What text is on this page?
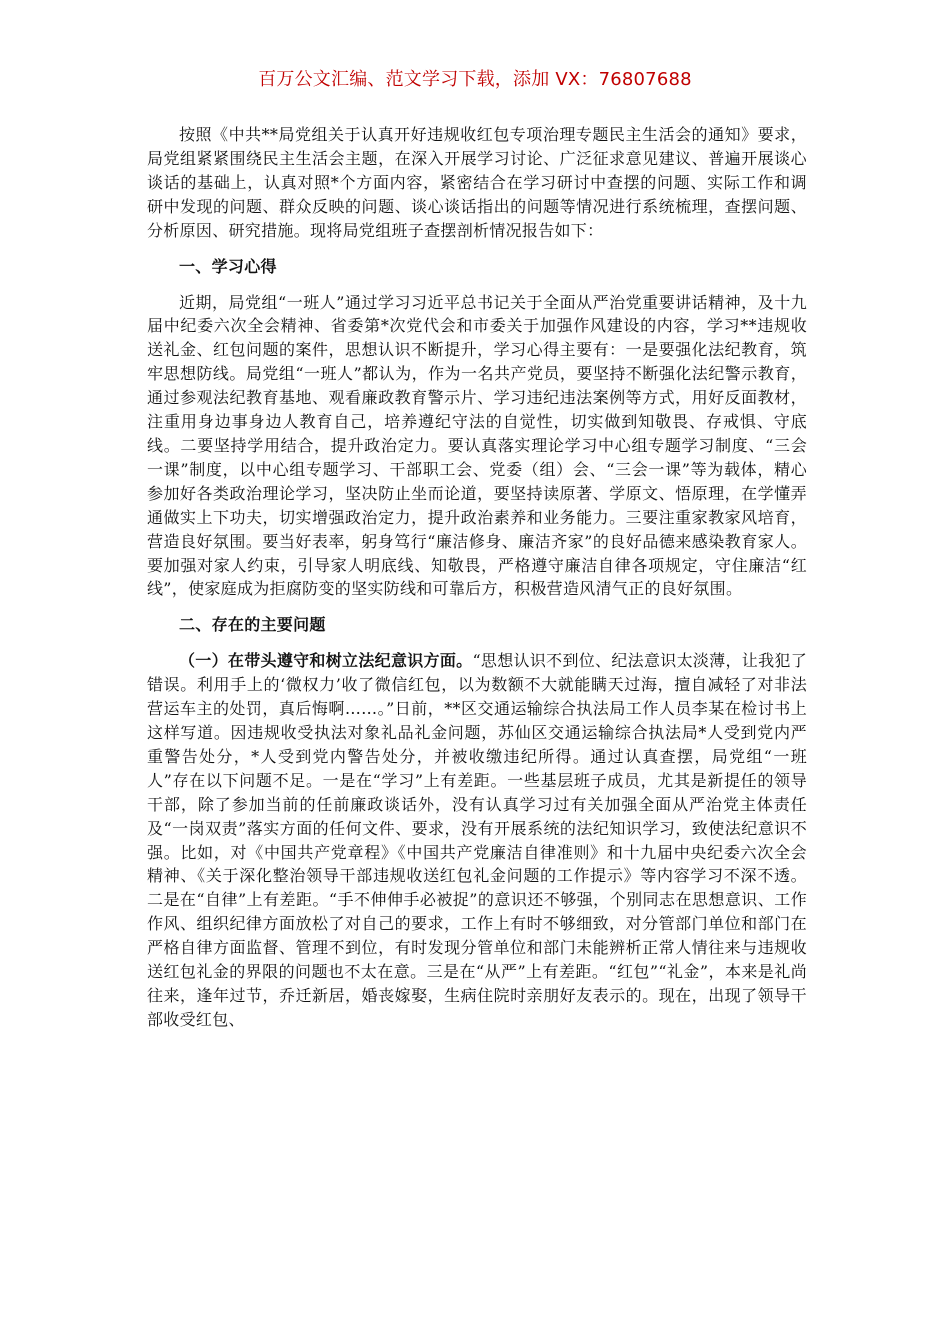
百万公文汇编、范文学习下载，添加 VX：76807688

按照《中共**局党组关于认真开好违规收红包专项治理专题民主生活会的通知》要求，局党组紧紧围绕民主生活会主题，在深入开展学习讨论、广泛征求意见建议、普遍开展谈心谈话的基础上，认真对照*个方面内容，紧密结合在学习研讨中查摆的问题、实际工作和调研中发现的问题、群众反映的问题、谈心谈话指出的问题等情况进行系统梳理，查摆问题、分析原因、研究措施。现将局党组班子查摆剖析情况报告如下：

一、学习心得

近期，局党组“一班人”通过学习习近平总书记关于全面从严治党重要讲话精神，及十九届中纪委六次全会精神、省委第*次党代会和市委关于加强作风建设的内容，学习**违规收送礼金、红包问题的案件，思想认识不断提升，学习心得主要有：一是要强化法纪教育，筑牢思想防线。局党组“一班人”都认为，作为一名共产党员，要坚持不断强化法纪警示教育，通过参观法纪教育基地、观看廉政教育警示片、学习违纪违法案例等方式，用好反面教材，注重用身边事身边人教育自己，培养遵纪守法的自觉性，切实做到知敬畏、存戒惧、守底线。二要坚持学用结合，提升政治定力。要认真落实理论学习中心组专题学习制度、“三会一课”制度，以中心组专题学习、干部职工会、党委（组）会、“三会一课”等为载体，精心参加好各类政治理论学习，坚决防止坐而论道，要坚持读原著、学原文、悟原理，在学懂弄通做实上下功夫，切实增强政治定力，提升政治素养和业务能力。三要注重家教家风培育，营造良好氛围。要当好表率，躬身笃行“廉洁修身、廉洁齐家”的良好品德来感染教育家人。要加强对家人约束，引导家人明底线、知敬畏，严格遵守廉洁自律各项规定，守住廉洁“红线”，使家庭成为拒腐防变的坚实防线和可靠后方，积极营造风清气正的良好氛围。

二、存在的主要问题

（一）在带头遵守和树立法纪意识方面。“思想认识不到位、纪法意识太淡薄，让我犯了错误。利用手上的‘微权力’收了微信红包，以为数额不大就能瞒天过海，擅自减轻了对非法营运车主的处罚，真后悔啊……。”日前，**区交通运输综合执法局工作人员李某在检讨书上这样写道。因违规收受执法对象礼品礼金问题，苏仙区交通运输综合执法局*人受到党内严重警告处分，*人受到党内警告处分，并被收缴违纪所得。通过认真查摆，局党组“一班人”存在以下问题不足。一是在“学习”上有差距。一些基层班子成员，尤其是新提任的领导干部，除了参加当前的任前廉政谈话外，没有认真学习过有关加强全面从严治党主体责任及“一岗双责”落实方面的任何文件、要求，没有开展系统的法纪知识学习，致使法纪意识不强。比如，对《中国共产党章程》《中国共产党廉洁自律准则》和十九届中央纪委六次全会精神、《关于深化整治领导干部违规收送红包礼金问题的工作提示》等内容学习不深不透。二是在“自律”上有差距。“手不伸伸手必被捉”的意识还不够强，个别同志在思想意识、工作作风、组织纪律方面放松了对自己的要求，工作上有时不够细致，对分管部门单位和部门在严格自律方面监督、管理不到位，有时发现分管单位和部门未能辨析正常人情往来与违规收送红包礼金的界限的问题也不太在意。三是在“从严”上有差距。“红包”“礼金”，本来是礼尚往来，逢年过节，乔迁新居，婚丧嫁娶，生病住院时亲朋好友表示的。现在，出现了领导干部收受红包、
